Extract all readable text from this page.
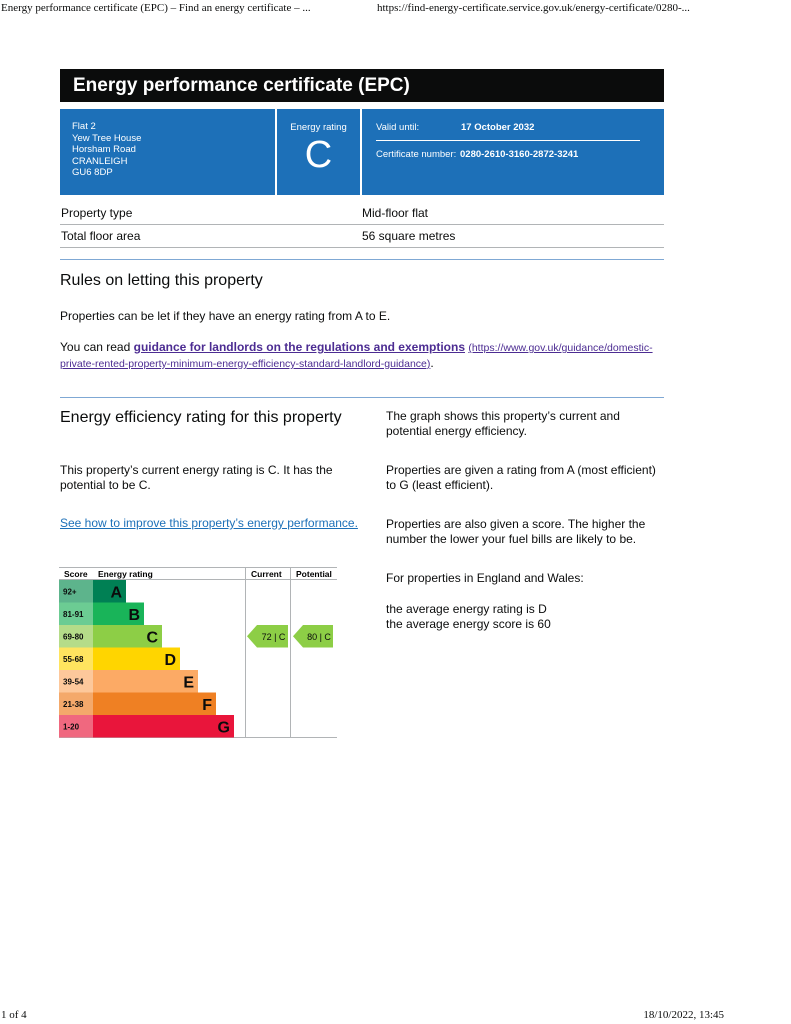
Energy performance certificate (EPC) – Find an energy certificate – ...	https://find-energy-certificate.service.gov.uk/energy-certificate/0280-...
Energy performance certificate (EPC)
Flat 2
Yew Tree House
Horsham Road
CRANLEIGH
GU6 8DP
Energy rating
C
Valid until:	17 October 2032
Certificate number: 0280-2610-3160-2872-3241
Property type	Mid-floor flat
Total floor area	56 square metres
Rules on letting this property

Properties can be let if they have an energy rating from A to E.

You can read guidance for landlords on the regulations and exemptions (https://www.gov.uk/guidance/domestic-private-rented-property-minimum-energy-efficiency-standard-landlord-guidance).

Energy efficiency rating for this property

This property’s current energy rating is C. It has the potential to be C.

See how to improve this property’s energy performance.

The graph shows this property’s current and potential energy efficiency.

Properties are given a rating from A (most efficient) to G (least efficient).

Properties are also given a score. The higher the number the lower your fuel bills are likely to be.

For properties in England and Wales:

the average energy rating is D

the average energy score is 60

Score Energy rating	Current Potential
92+ A
81-91	B
69-80	C
55-68	D
39-54	E
21-38	F
1-20	G
72 | C 80 | C
1 of 4	18/10/2022, 13:45
